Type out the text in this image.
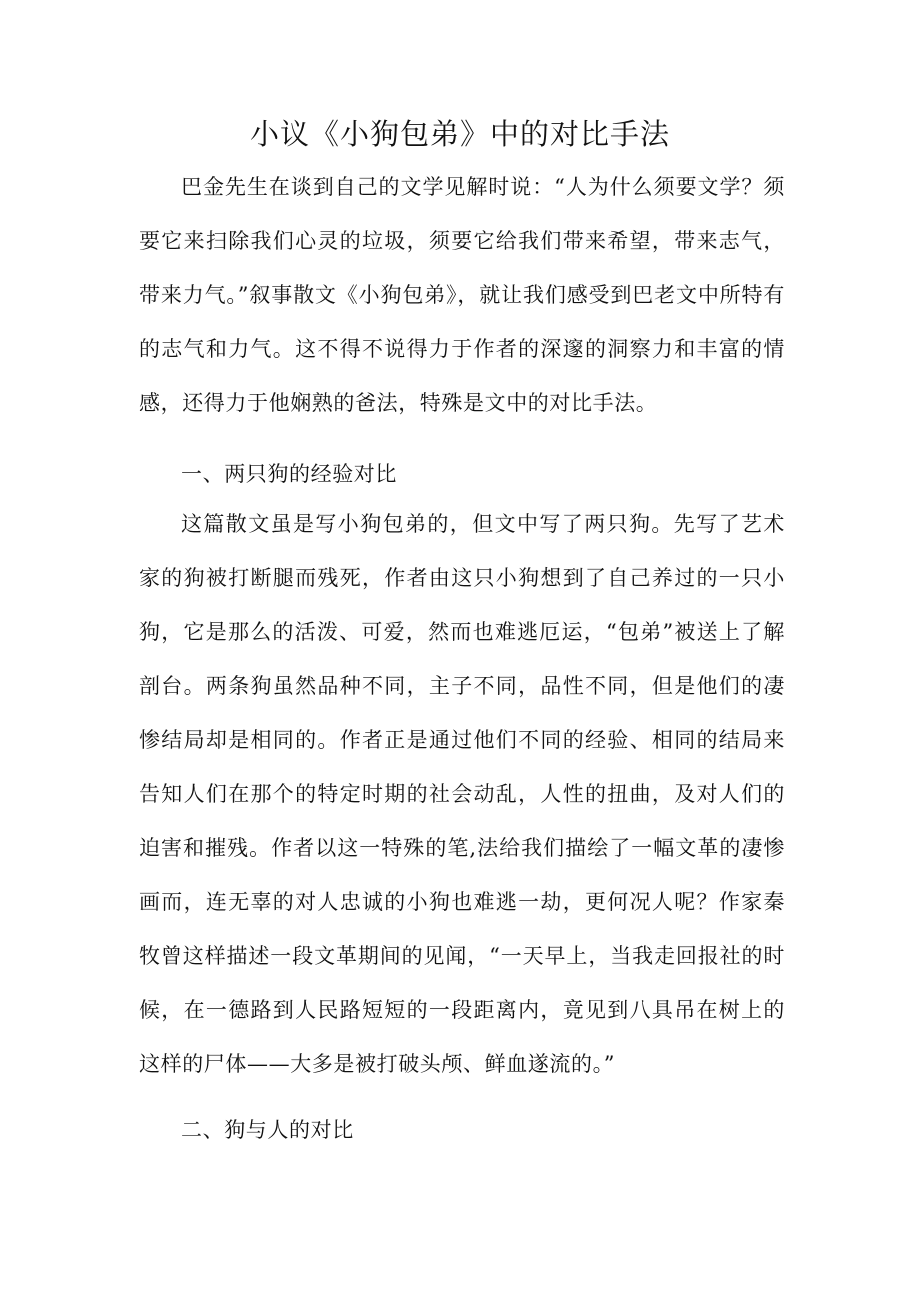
小议《小狗包弟》中的对比手法

巴金先生在谈到自己的文学见解时说：“人为什么须要文学？须要它来扫除我们心灵的垃圾，须要它给我们带来希望，带来志气，带来力气。”叙事散文《小狗包弟》，就让我们感受到巴老文中所特有的志气和力气。这不得不说得力于作者的深邃的洞察力和丰富的情感，还得力于他娴熟的爸法，特殊是文中的对比手法。

一、两只狗的经验对比

这篇散文虽是写小狗包弟的，但文中写了两只狗。先写了艺术家的狗被打断腿而残死，作者由这只小狗想到了自己养过的一只小狗，它是那么的活泼、可爱，然而也难逃厄运，“包弟”被送上了解剖台。两条狗虽然品种不同，主子不同，品性不同，但是他们的凄惨结局却是相同的。作者正是通过他们不同的经验、相同的结局来告知人们在那个的特定时期的社会动乱，人性的扭曲，及对人们的迫害和摧残。作者以这一特殊的笔,法给我们描绘了一幅文革的凄惨画而，连无辜的对人忠诚的小狗也难逃一劫，更何况人呢？作家秦牧曾这样描述一段文革期间的见闻，“一天早上，当我走回报社的时候，在一德路到人民路短短的一段距离内，竟见到八具吊在树上的这样的尸体——大多是被打破头颅、鲜血遂流的。”

二、狗与人的对比
